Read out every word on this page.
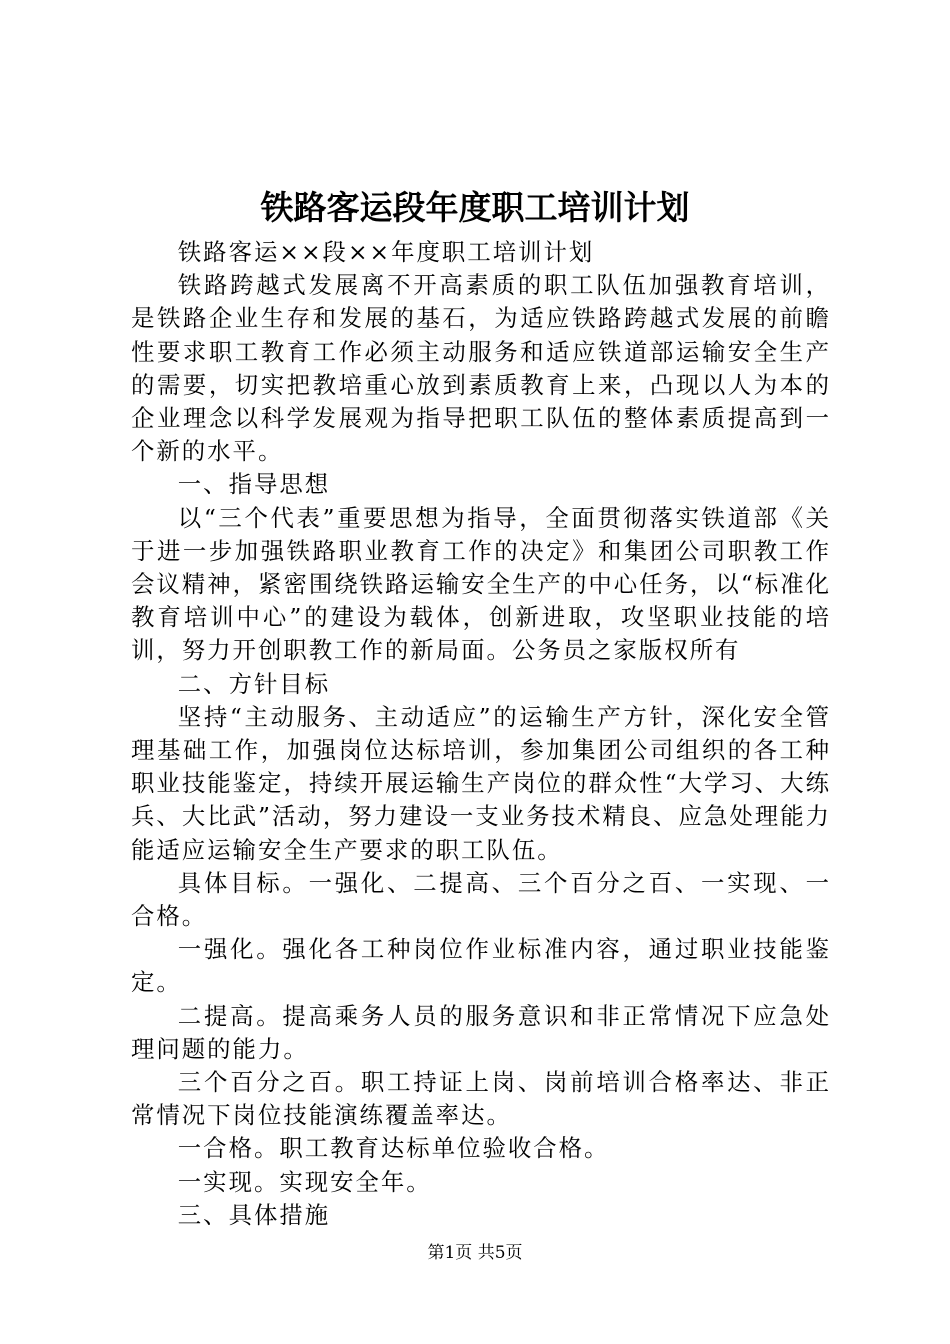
铁路客运段年度职工培训计划

铁路客运××段××年度职工培训计划

铁路跨越式发展离不开高素质的职工队伍加强教育培训，是铁路企业生存和发展的基石，为适应铁路跨越式发展的前瞻性要求职工教育工作必须主动服务和适应铁道部运输安全生产的需要，切实把教培重心放到素质教育上来，凸现以人为本的企业理念以科学发展观为指导把职工队伍的整体素质提高到一个新的水平。

一、指导思想

以“三个代表”重要思想为指导，全面贯彻落实铁道部《关于进一步加强铁路职业教育工作的决定》和集团公司职教工作会议精神，紧密围绕铁路运输安全生产的中心任务，以“标准化教育培训中心”的建设为载体，创新进取，攻坚职业技能的培训，努力开创职教工作的新局面。公务员之家版权所有

二、方针目标

坚持“主动服务、主动适应”的运输生产方针，深化安全管理基础工作，加强岗位达标培训，参加集团公司组织的各工种职业技能鉴定，持续开展运输生产岗位的群众性“大学习、大练兵、大比武”活动，努力建设一支业务技术精良、应急处理能力能适应运输安全生产要求的职工队伍。

具体目标。一强化、二提高、三个百分之百、一实现、一合格。

一强化。强化各工种岗位作业标准内容，通过职业技能鉴定。

二提高。提高乘务人员的服务意识和非正常情况下应急处理问题的能力。

三个百分之百。职工持证上岗、岗前培训合格率达、非正常情况下岗位技能演练覆盖率达。

一合格。职工教育达标单位验收合格。

一实现。实现安全年。

三、具体措施

第1页 共5页
